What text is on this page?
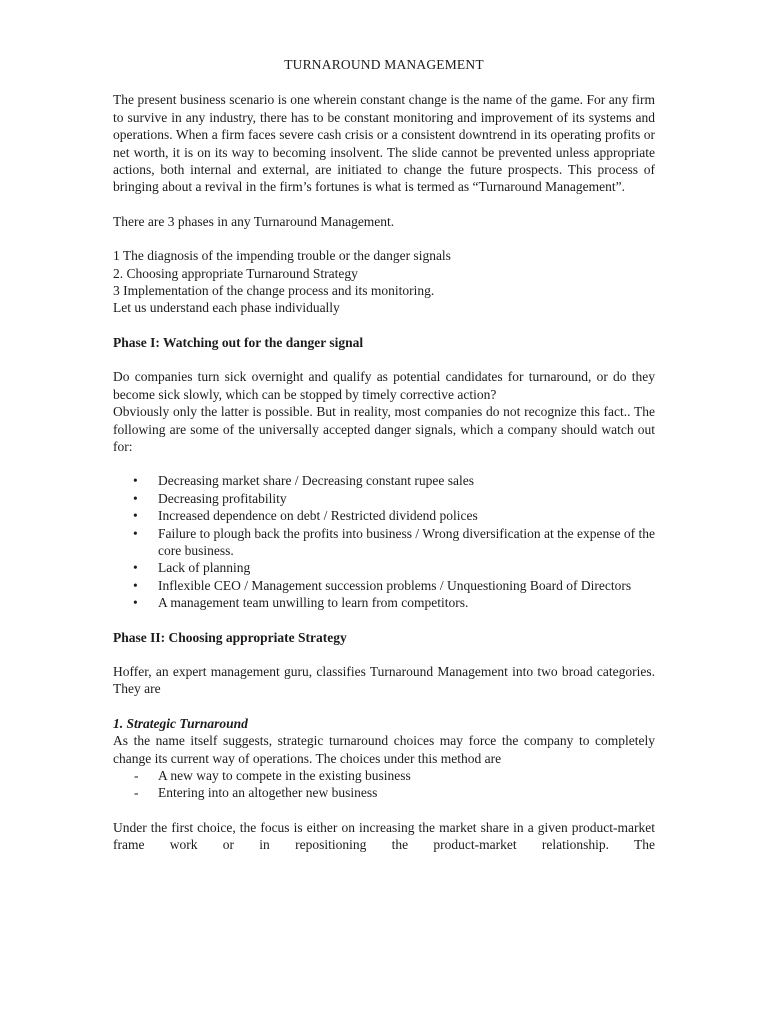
TURNAROUND MANAGEMENT

The present business scenario is one wherein constant change is the name of the game. For any firm to survive in any industry, there has to be constant monitoring and improvement of its systems and operations. When a firm faces severe cash crisis or a consistent downtrend in its operating profits or net worth, it is on its way to becoming insolvent. The slide cannot be prevented unless appropriate actions, both internal and external, are initiated to change the future prospects. This process of bringing about a revival in the firm’s fortunes is what is termed as “Turnaround Management”.

There are 3 phases in any Turnaround Management.

1 The diagnosis of the impending trouble or the danger signals

2. Choosing appropriate Turnaround Strategy

3 Implementation of the change process and its monitoring.

Let us understand each phase individually

Phase I: Watching out for the danger signal

Do companies turn sick overnight and qualify as potential candidates for turnaround, or do they become sick slowly, which can be stopped by timely corrective action?

Obviously only the latter is possible. But in reality, most companies do not recognize this fact.. The following are some of the universally accepted danger signals, which a company should watch out for:

• Decreasing market share / Decreasing constant rupee sales
• Decreasing profitability
• Increased dependence on debt / Restricted dividend polices
• Failure to plough back the profits into business / Wrong diversification at the expense of the core business.
• Lack of planning
• Inflexible CEO / Management succession problems / Unquestioning Board of Directors
• A management team unwilling to learn from competitors.
Phase II: Choosing appropriate Strategy

Hoffer, an expert management guru, classifies Turnaround Management into two broad categories. They are

1. Strategic Turnaround

As the name itself suggests, strategic turnaround choices may force the company to completely change its current way of operations. The choices under this method are

- A new way to compete in the existing business
- Entering into an altogether new business

Under the first choice, the focus is either on increasing the market share in a given product-market frame work or in repositioning the product-market relationship. The
